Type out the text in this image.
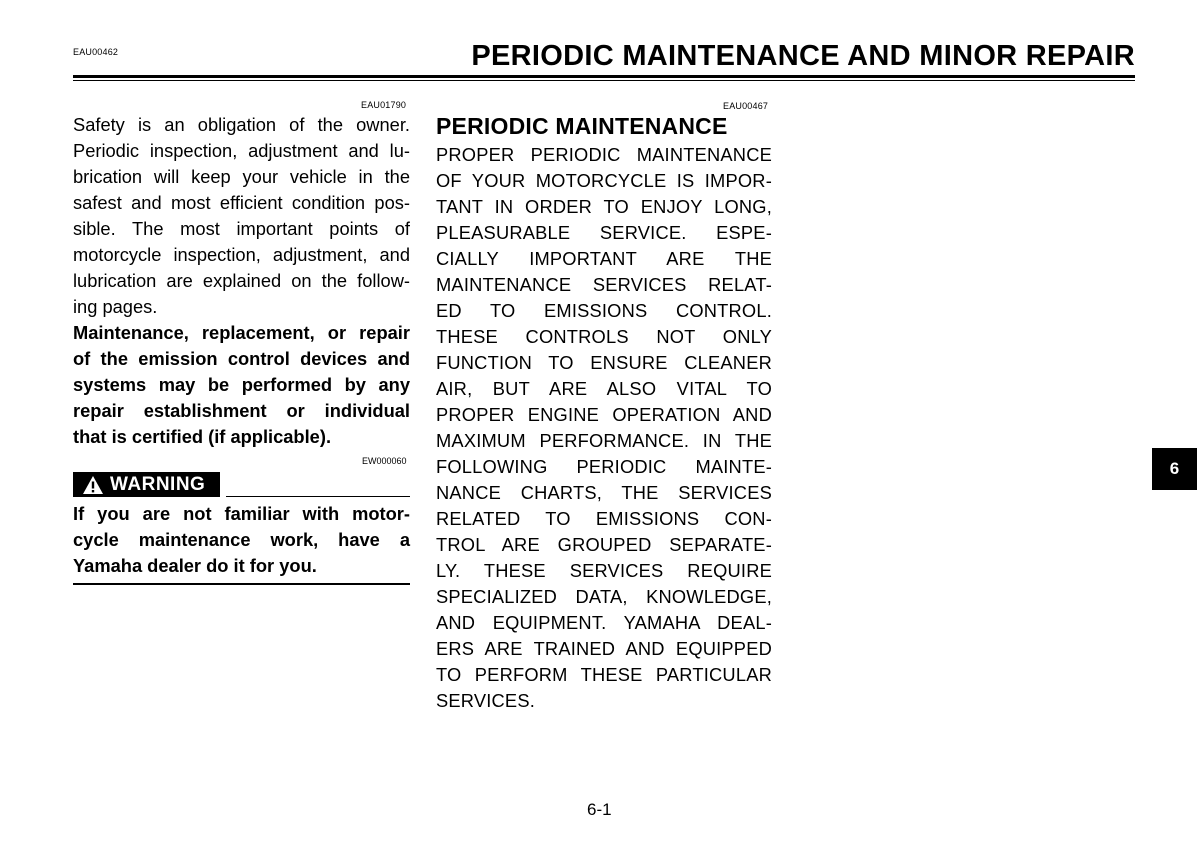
EAU00462	PERIODIC MAINTENANCE AND MINOR REPAIR
EAU01790
Safety is an obligation of the owner.
Periodic inspection, adjustment and lu-
brication will keep your vehicle in the
safest and most efficient condition pos-
sible. The most important points of
motorcycle inspection, adjustment, and
lubrication are explained on the follow-
ing pages.
Maintenance, replacement, or repair
of the emission control devices and
systems may be performed by any
repair establishment or individual
that is certified (if applicable).
EW000060
WARNING
If you are not familiar with motor-
cycle maintenance work, have a
Yamaha dealer do it for you.
EAU00467
PERIODIC MAINTENANCE
PROPER PERIODIC MAINTENANCE
OF YOUR MOTORCYCLE IS IMPOR-
TANT IN ORDER TO ENJOY LONG,
PLEASURABLE SERVICE. ESPE-
CIALLY IMPORTANT ARE THE
MAINTENANCE SERVICES RELAT-
ED TO EMISSIONS CONTROL.
THESE CONTROLS NOT ONLY
FUNCTION TO ENSURE CLEANER
AIR, BUT ARE ALSO VITAL TO
PROPER ENGINE OPERATION AND
MAXIMUM PERFORMANCE. IN THE
FOLLOWING PERIODIC MAINTE-
NANCE CHARTS, THE SERVICES
RELATED TO EMISSIONS CON-
TROL ARE GROUPED SEPARATE-
LY. THESE SERVICES REQUIRE
SPECIALIZED DATA, KNOWLEDGE,
AND EQUIPMENT. YAMAHA DEAL-
ERS ARE TRAINED AND EQUIPPED
TO PERFORM THESE PARTICULAR
SERVICES.
6
6-1
